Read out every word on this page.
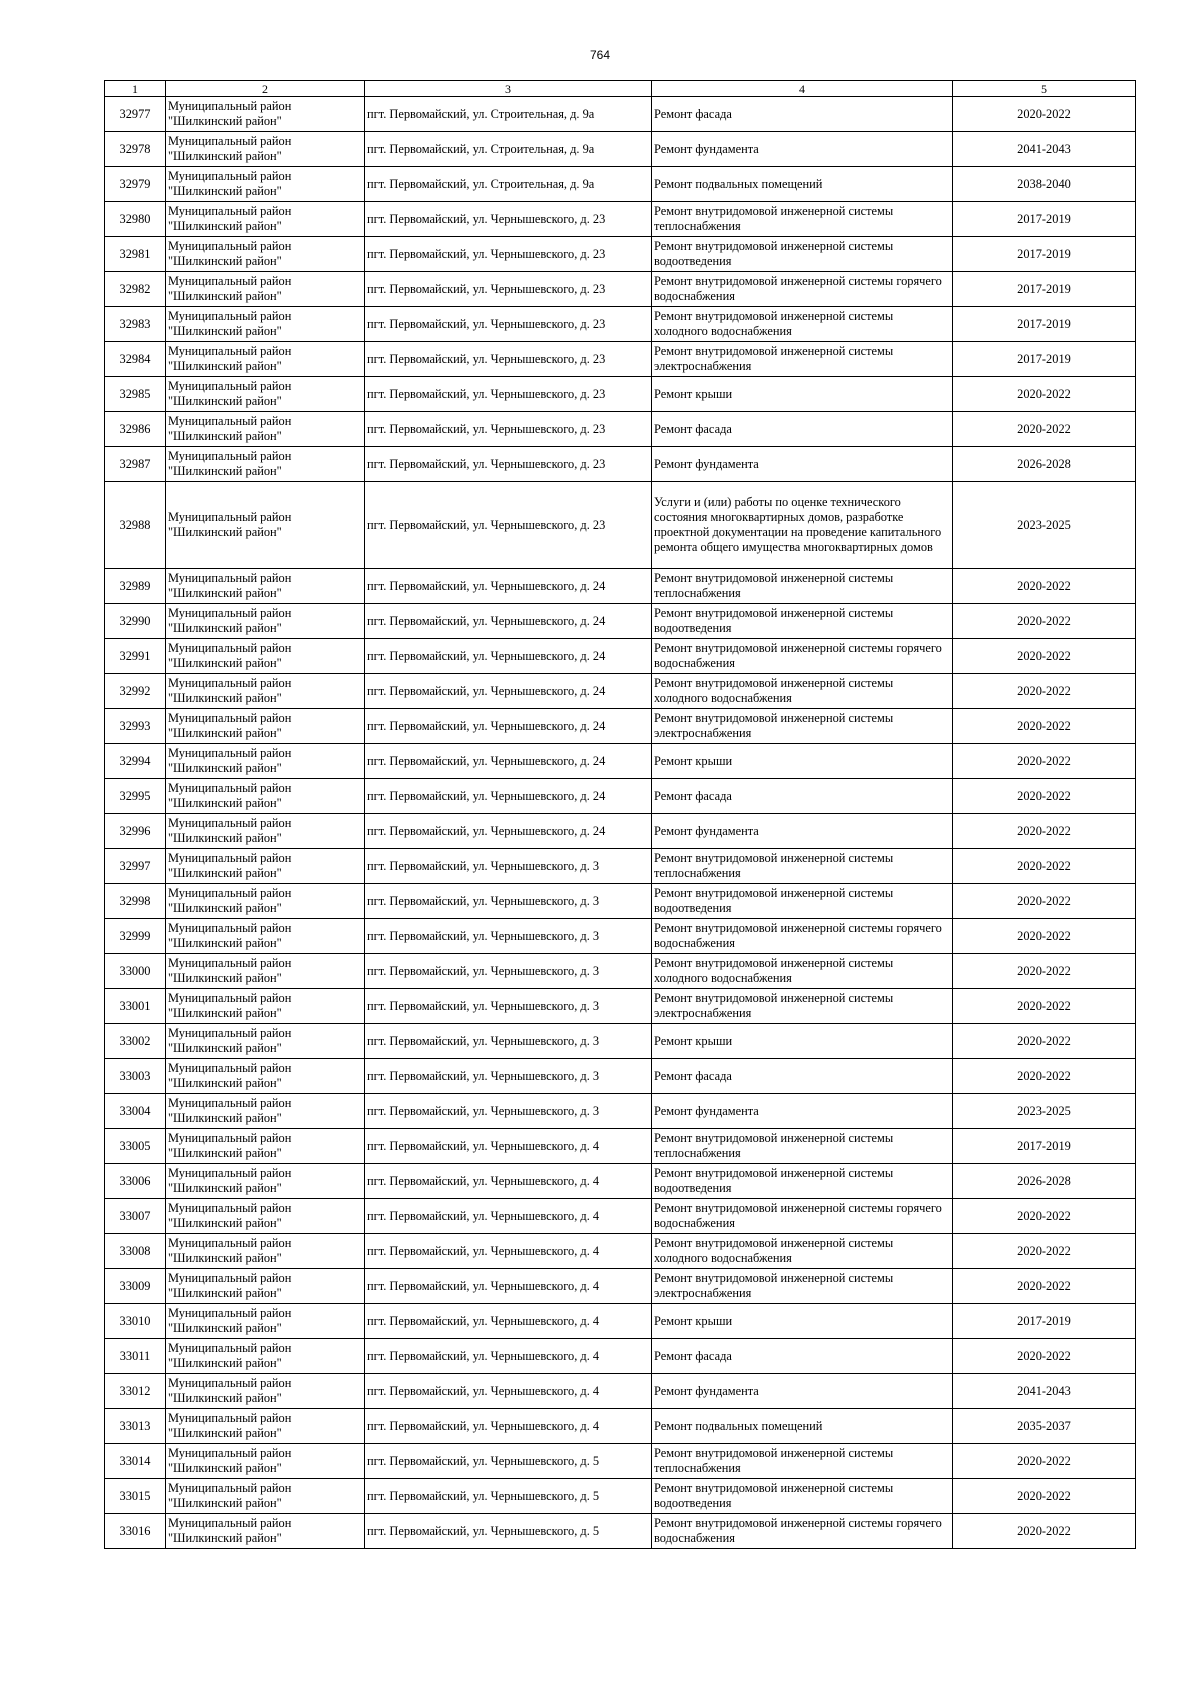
764
1	2	3	4	5
32977	Муниципальный район "Шилкинский район"	пгт. Первомайский, ул. Строительная, д. 9а	Ремонт фасада	2020-2022
32978	Муниципальный район "Шилкинский район"	пгт. Первомайский, ул. Строительная, д. 9а	Ремонт фундамента	2041-2043
32979	Муниципальный район "Шилкинский район"	пгт. Первомайский, ул. Строительная, д. 9а	Ремонт подвальных помещений	2038-2040
32980	Муниципальный район "Шилкинский район"	пгт. Первомайский, ул. Чернышевского, д. 23	Ремонт внутридомовой инженерной системы теплоснабжения	2017-2019
32981	Муниципальный район "Шилкинский район"	пгт. Первомайский, ул. Чернышевского, д. 23	Ремонт внутридомовой инженерной системы водоотведения	2017-2019
32982	Муниципальный район "Шилкинский район"	пгт. Первомайский, ул. Чернышевского, д. 23	Ремонт внутридомовой инженерной системы горячего водоснабжения	2017-2019
32983	Муниципальный район "Шилкинский район"	пгт. Первомайский, ул. Чернышевского, д. 23	Ремонт внутридомовой инженерной системы холодного водоснабжения	2017-2019
32984	Муниципальный район "Шилкинский район"	пгт. Первомайский, ул. Чернышевского, д. 23	Ремонт внутридомовой инженерной системы электроснабжения	2017-2019
32985	Муниципальный район "Шилкинский район"	пгт. Первомайский, ул. Чернышевского, д. 23	Ремонт крыши	2020-2022
32986	Муниципальный район "Шилкинский район"	пгт. Первомайский, ул. Чернышевского, д. 23	Ремонт фасада	2020-2022
32987	Муниципальный район "Шилкинский район"	пгт. Первомайский, ул. Чернышевского, д. 23	Ремонт фундамента	2026-2028
32988	Муниципальный район "Шилкинский район"	пгт. Первомайский, ул. Чернышевского, д. 23	Услуги и (или) работы по оценке технического состояния многоквартирных домов, разработке проектной документации на проведение капитального ремонта общего имущества многоквартирных домов	2023-2025
32989	Муниципальный район "Шилкинский район"	пгт. Первомайский, ул. Чернышевского, д. 24	Ремонт внутридомовой инженерной системы теплоснабжения	2020-2022
32990	Муниципальный район "Шилкинский район"	пгт. Первомайский, ул. Чернышевского, д. 24	Ремонт внутридомовой инженерной системы водоотведения	2020-2022
32991	Муниципальный район "Шилкинский район"	пгт. Первомайский, ул. Чернышевского, д. 24	Ремонт внутридомовой инженерной системы горячего водоснабжения	2020-2022
32992	Муниципальный район "Шилкинский район"	пгт. Первомайский, ул. Чернышевского, д. 24	Ремонт внутридомовой инженерной системы холодного водоснабжения	2020-2022
32993	Муниципальный район "Шилкинский район"	пгт. Первомайский, ул. Чернышевского, д. 24	Ремонт внутридомовой инженерной системы электроснабжения	2020-2022
32994	Муниципальный район "Шилкинский район"	пгт. Первомайский, ул. Чернышевского, д. 24	Ремонт крыши	2020-2022
32995	Муниципальный район "Шилкинский район"	пгт. Первомайский, ул. Чернышевского, д. 24	Ремонт фасада	2020-2022
32996	Муниципальный район "Шилкинский район"	пгт. Первомайский, ул. Чернышевского, д. 24	Ремонт фундамента	2020-2022
32997	Муниципальный район "Шилкинский район"	пгт. Первомайский, ул. Чернышевского, д. 3	Ремонт внутридомовой инженерной системы теплоснабжения	2020-2022
32998	Муниципальный район "Шилкинский район"	пгт. Первомайский, ул. Чернышевского, д. 3	Ремонт внутридомовой инженерной системы водоотведения	2020-2022
32999	Муниципальный район "Шилкинский район"	пгт. Первомайский, ул. Чернышевского, д. 3	Ремонт внутридомовой инженерной системы горячего водоснабжения	2020-2022
33000	Муниципальный район "Шилкинский район"	пгт. Первомайский, ул. Чернышевского, д. 3	Ремонт внутридомовой инженерной системы холодного водоснабжения	2020-2022
33001	Муниципальный район "Шилкинский район"	пгт. Первомайский, ул. Чернышевского, д. 3	Ремонт внутридомовой инженерной системы электроснабжения	2020-2022
33002	Муниципальный район "Шилкинский район"	пгт. Первомайский, ул. Чернышевского, д. 3	Ремонт крыши	2020-2022
33003	Муниципальный район "Шилкинский район"	пгт. Первомайский, ул. Чернышевского, д. 3	Ремонт фасада	2020-2022
33004	Муниципальный район "Шилкинский район"	пгт. Первомайский, ул. Чернышевского, д. 3	Ремонт фундамента	2023-2025
33005	Муниципальный район "Шилкинский район"	пгт. Первомайский, ул. Чернышевского, д. 4	Ремонт внутридомовой инженерной системы теплоснабжения	2017-2019
33006	Муниципальный район "Шилкинский район"	пгт. Первомайский, ул. Чернышевского, д. 4	Ремонт внутридомовой инженерной системы водоотведения	2026-2028
33007	Муниципальный район "Шилкинский район"	пгт. Первомайский, ул. Чернышевского, д. 4	Ремонт внутридомовой инженерной системы горячего водоснабжения	2020-2022
33008	Муниципальный район "Шилкинский район"	пгт. Первомайский, ул. Чернышевского, д. 4	Ремонт внутридомовой инженерной системы холодного водоснабжения	2020-2022
33009	Муниципальный район "Шилкинский район"	пгт. Первомайский, ул. Чернышевского, д. 4	Ремонт внутридомовой инженерной системы электроснабжения	2020-2022
33010	Муниципальный район "Шилкинский район"	пгт. Первомайский, ул. Чернышевского, д. 4	Ремонт крыши	2017-2019
33011	Муниципальный район "Шилкинский район"	пгт. Первомайский, ул. Чернышевского, д. 4	Ремонт фасада	2020-2022
33012	Муниципальный район "Шилкинский район"	пгт. Первомайский, ул. Чернышевского, д. 4	Ремонт фундамента	2041-2043
33013	Муниципальный район "Шилкинский район"	пгт. Первомайский, ул. Чернышевского, д. 4	Ремонт подвальных помещений	2035-2037
33014	Муниципальный район "Шилкинский район"	пгт. Первомайский, ул. Чернышевского, д. 5	Ремонт внутридомовой инженерной системы теплоснабжения	2020-2022
33015	Муниципальный район "Шилкинский район"	пгт. Первомайский, ул. Чернышевского, д. 5	Ремонт внутридомовой инженерной системы водоотведения	2020-2022
33016	Муниципальный район "Шилкинский район"	пгт. Первомайский, ул. Чернышевского, д. 5	Ремонт внутридомовой инженерной системы горячего водоснабжения	2020-2022
